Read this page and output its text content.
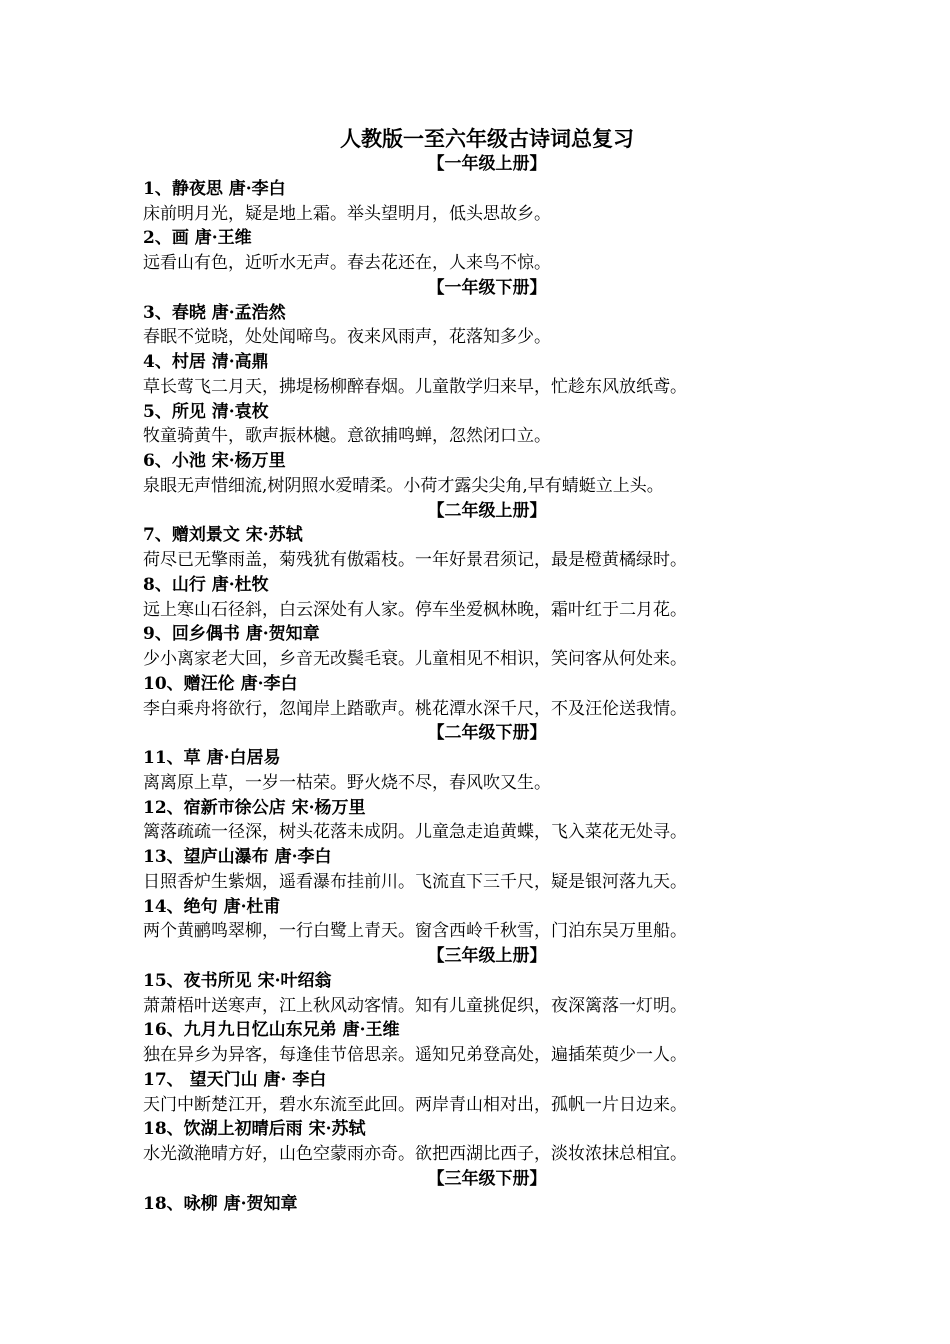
人教版一至六年级古诗词总复习
【一年级上册】
1、静夜思 唐·李白
床前明月光，疑是地上霜。举头望明月，低头思故乡。
2、画 唐·王维
远看山有色，近听水无声。春去花还在，人来鸟不惊。
【一年级下册】
3、春晓 唐·孟浩然
春眠不觉晓，处处闻啼鸟。夜来风雨声，花落知多少。
4、村居 清·高鼎
草长莺飞二月天，拂堤杨柳醉春烟。儿童散学归来早，忙趁东风放纸鸢。
5、所见 清·袁枚
牧童骑黄牛，歌声振林樾。意欲捕鸣蝉，忽然闭口立。
6、小池 宋·杨万里
泉眼无声惜细流,树阴照水爱晴柔。小荷才露尖尖角,早有蜻蜓立上头。
【二年级上册】
7、赠刘景文 宋·苏轼
荷尽已无擎雨盖，菊残犹有傲霜枝。一年好景君须记，最是橙黄橘绿时。
8、山行 唐·杜牧
远上寒山石径斜，白云深处有人家。停车坐爱枫林晚，霜叶红于二月花。
9、回乡偶书 唐·贺知章
少小离家老大回，乡音无改鬓毛衰。儿童相见不相识，笑问客从何处来。
10、赠汪伦 唐·李白
李白乘舟将欲行，忽闻岸上踏歌声。桃花潭水深千尺，不及汪伦送我情。
【二年级下册】
11、草 唐·白居易
离离原上草，一岁一枯荣。野火烧不尽，春风吹又生。
12、宿新市徐公店 宋·杨万里
篱落疏疏一径深，树头花落未成阴。儿童急走追黄蝶，飞入菜花无处寻。
13、望庐山瀑布 唐·李白
日照香炉生紫烟，遥看瀑布挂前川。飞流直下三千尺，疑是银河落九天。
14、绝句 唐·杜甫
两个黄鹂鸣翠柳，一行白鹭上青天。窗含西岭千秋雪，门泊东吴万里船。
【三年级上册】
15、夜书所见 宋·叶绍翁
萧萧梧叶送寒声，江上秋风动客情。知有儿童挑促织，夜深篱落一灯明。
16、九月九日忆山东兄弟 唐·王维
独在异乡为异客，每逢佳节倍思亲。遥知兄弟登高处，遍插茱萸少一人。
17、 望天门山 唐· 李白
天门中断楚江开，碧水东流至此回。两岸青山相对出，孤帆一片日边来。
18、饮湖上初晴后雨 宋·苏轼
水光潋滟晴方好，山色空蒙雨亦奇。欲把西湖比西子，淡妆浓抹总相宜。
【三年级下册】
18、咏柳 唐·贺知章
